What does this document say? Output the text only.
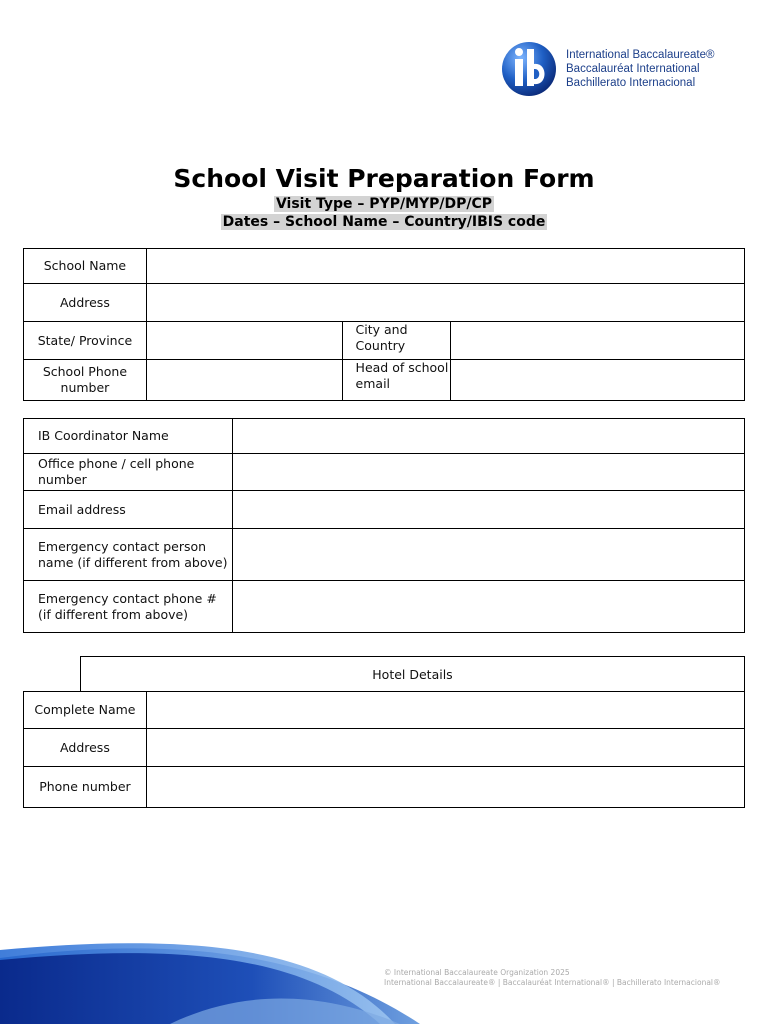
International Baccalaureate®
Baccalauréat International
Bachillerato Internacional
School Visit Preparation Form
Visit Type – PYP/MYP/DP/CP
Dates – School Name – Country/IBIS code
School Name			
Address			
State/ Province		City and Country	
School Phone number		Head of school email	
IB Coordinator Name	
Office phone / cell phone number	
Email address	
Emergency contact person name (if different from above)	

Emergency contact phone #
(if different from above)	

	Hotel Details	
Complete Name		
Address		
Phone number		
© International Baccalaureate Organization 2025
International Baccalaureate® | Baccalauréat International® | Bachillerato Internacional®
